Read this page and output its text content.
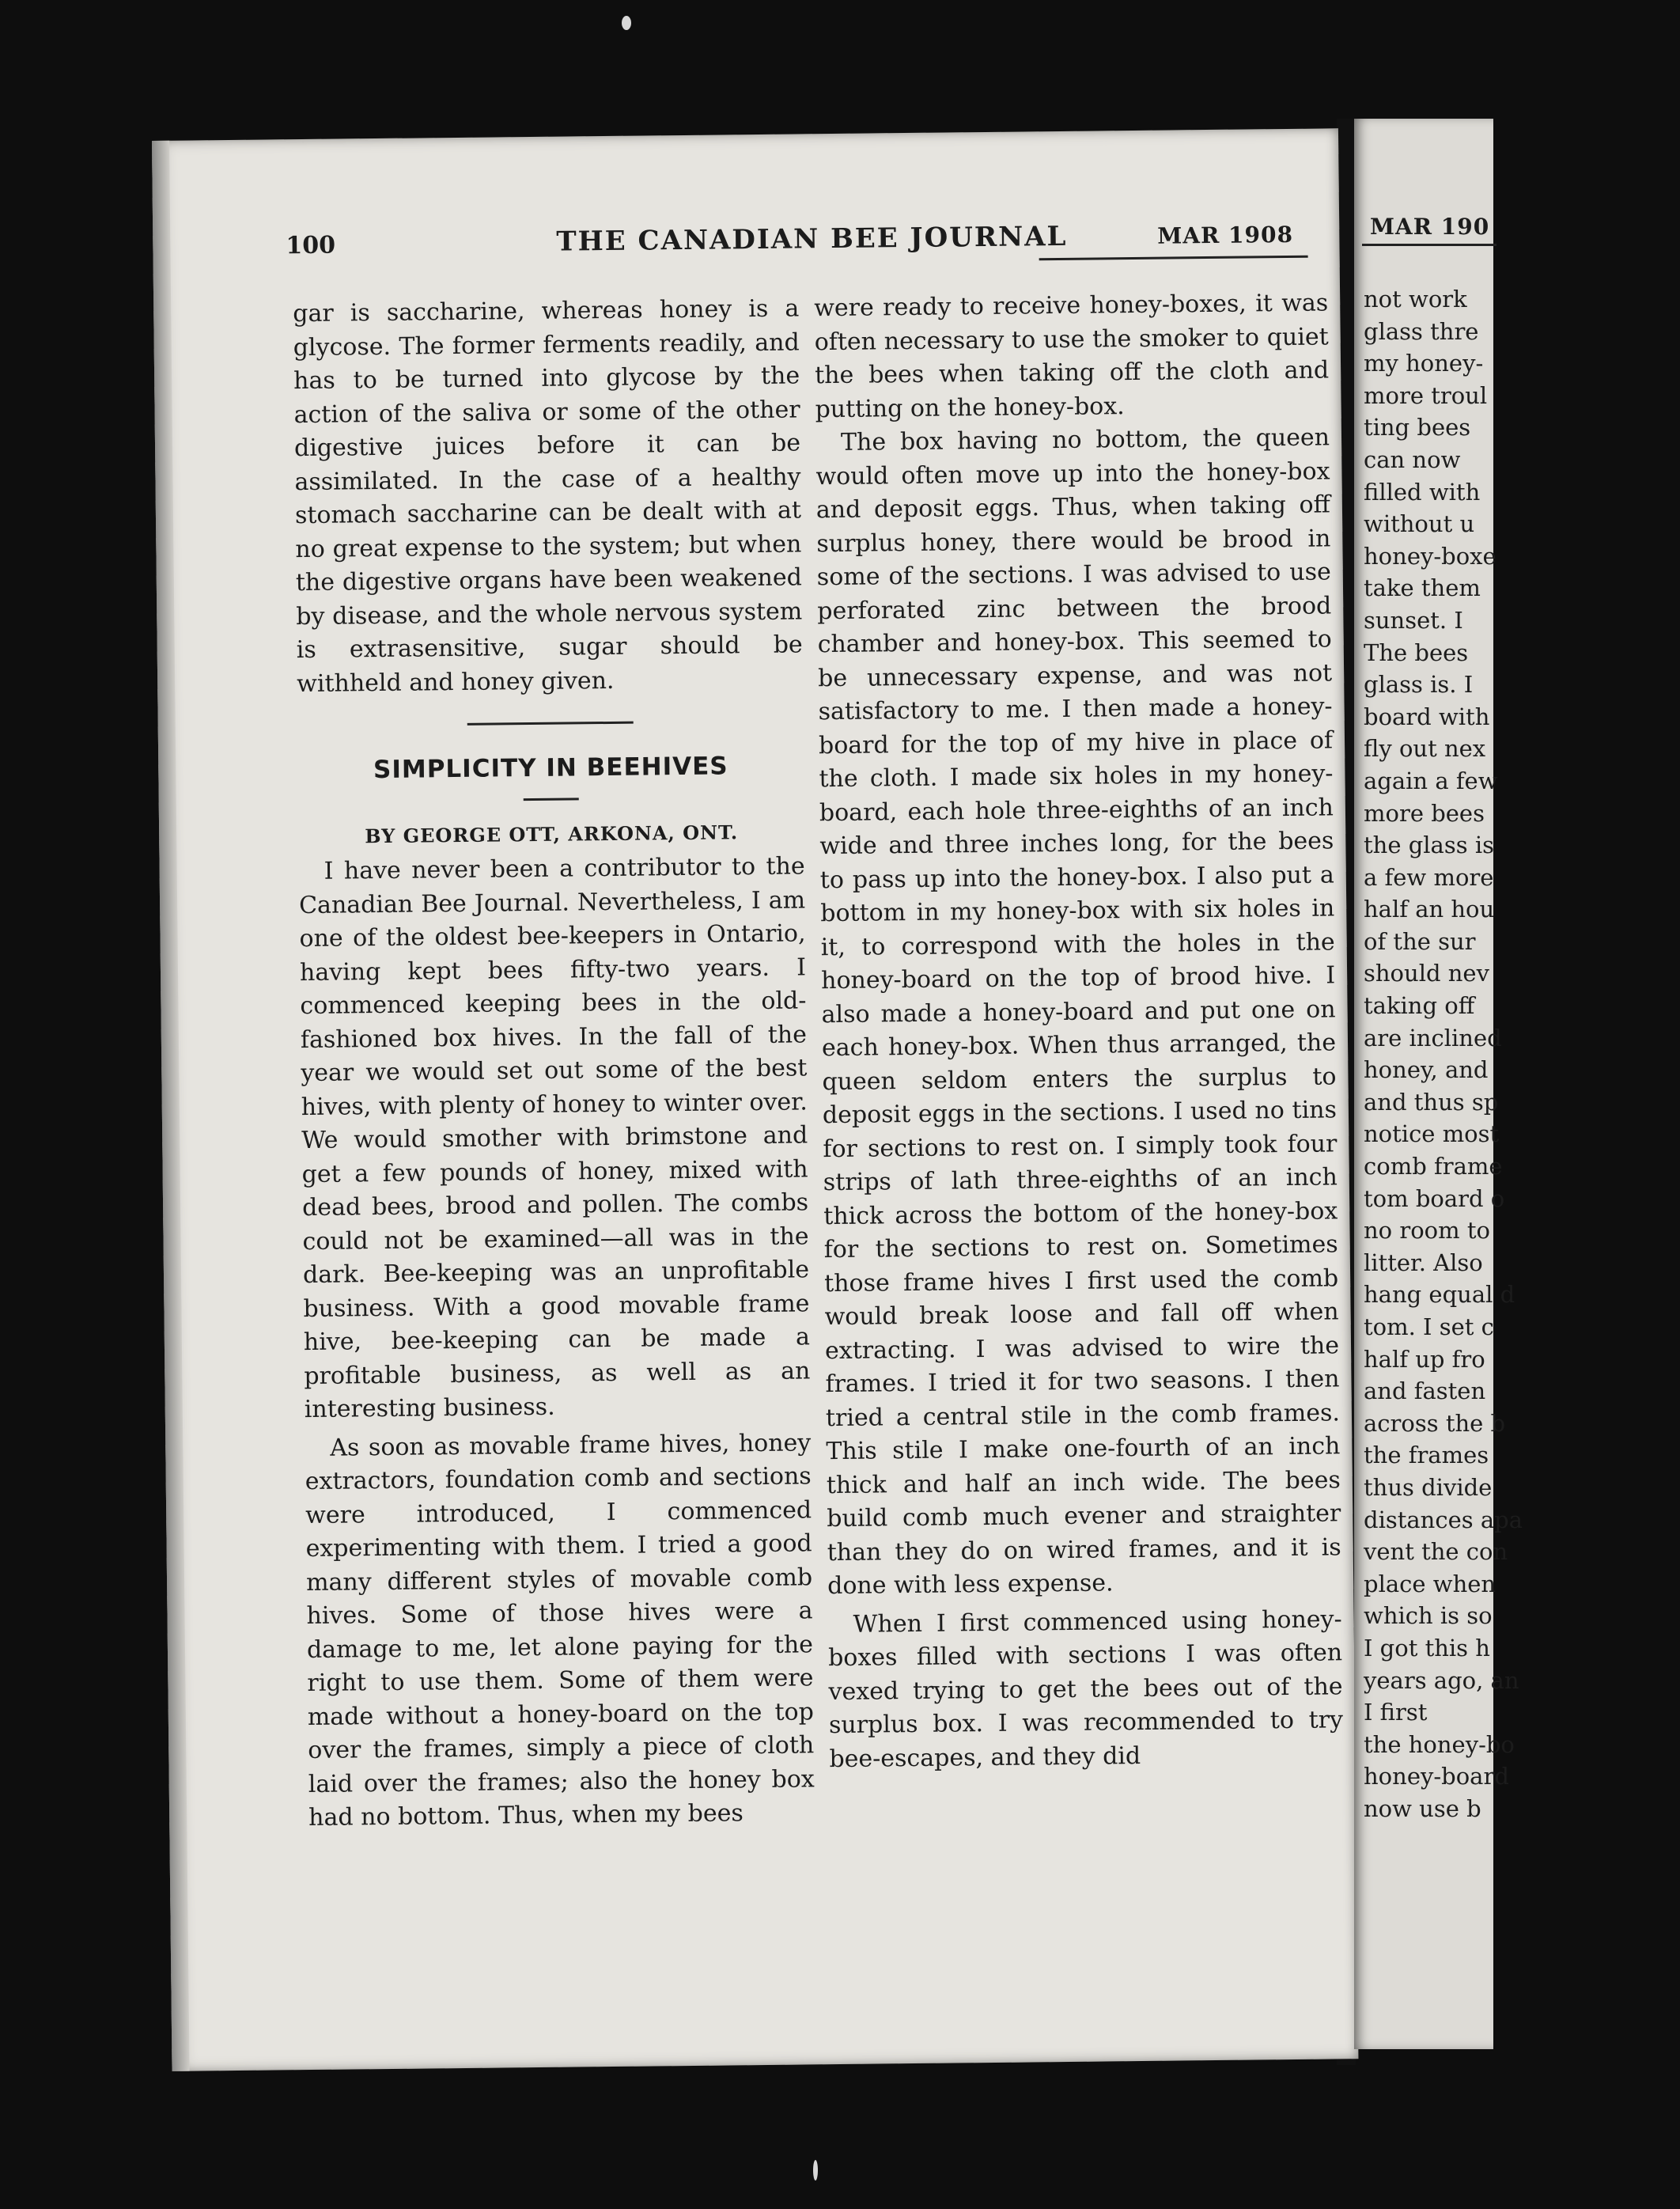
100	THE CANADIAN BEE JOURNAL	MAR 1908

gar is saccharine, whereas honey is a glycose. The former ferments readily, and has to be turned into glycose by the action of the saliva or some of the other digestive juices before it can be assimilated. In the case of a healthy stomach saccharine can be dealt with at no great expense to the system; but when the digestive organs have been weakened by disease, and the whole nervous system is extrasensitive, sugar should be withheld and honey given.

SIMPLICITY IN BEEHIVES
BY GEORGE OTT, ARKONA, ONT.

I have never been a contributor to the Canadian Bee Journal. Nevertheless, I am one of the oldest bee-keepers in Ontario, having kept bees fifty-two years. I commenced keeping bees in the old-fashioned box hives. In the fall of the year we would set out some of the best hives, with plenty of honey to winter over. We would smother with brimstone and get a few pounds of honey, mixed with dead bees, brood and pollen. The combs could not be examined—all was in the dark. Bee-keeping was an unprofitable business. With a good movable frame hive, bee-keeping can be made a profitable business, as well as an interesting business.

As soon as movable frame hives, honey extractors, foundation comb and sections were introduced, I commenced experimenting with them. I tried a good many different styles of movable comb hives. Some of those hives were a damage to me, let alone paying for the right to use them. Some of them were made without a honey-board on the top over the frames, simply a piece of cloth laid over the frames; also the honey box had no bottom. Thus, when my bees

were ready to receive honey-boxes, it was often necessary to use the smoker to quiet the bees when taking off the cloth and putting on the honey-box.

The box having no bottom, the queen would often move up into the honey-box and deposit eggs. Thus, when taking off surplus honey, there would be brood in some of the sections. I was advised to use perforated zinc between the brood chamber and honey-box. This seemed to be unnecessary expense, and was not satisfactory to me. I then made a honey-board for the top of my hive in place of the cloth. I made six holes in my honey-board, each hole three-eighths of an inch wide and three inches long, for the bees to pass up into the honey-box. I also put a bottom in my honey-box with six holes in it, to correspond with the holes in the honey-board on the top of brood hive. I also made a honey-board and put one on each honey-box. When thus arranged, the queen seldom enters the surplus to deposit eggs in the sections. I used no tins for sections to rest on. I simply took four strips of lath three-eighths of an inch thick across the bottom of the honey-box for the sections to rest on. Sometimes those frame hives I first used the comb would break loose and fall off when extracting. I was advised to wire the frames. I tried it for two seasons. I then tried a central stile in the comb frames. This stile I make one-fourth of an inch thick and half an inch wide. The bees build comb much evener and straighter than they do on wired frames, and it is done with less expense.

When I first commenced using honey-boxes filled with sections I was often vexed trying to get the bees out of the surplus box. I was recommended to try bee-escapes, and they did

MAR 190
not work
glass thre
my honey-
more troul
ting bees
can now
filled with
without u
honey-boxe
take them
sunset. I
The bees
glass is. I
board with
fly out nex
again a few
more bees
the glass is
a few more
half an hou
of the sur
should nev
taking off
are inclined
honey, and
and thus sp
notice most
comb frame
tom board o
no room to
litter. Also
hang equal d
tom. I set c
half up fro
and fasten
across the b
the frames
thus divide
distances apa
vent the con
place when
which is so
I got this h
years ago, an
I first
the honey-bo
honey-board
now use b
